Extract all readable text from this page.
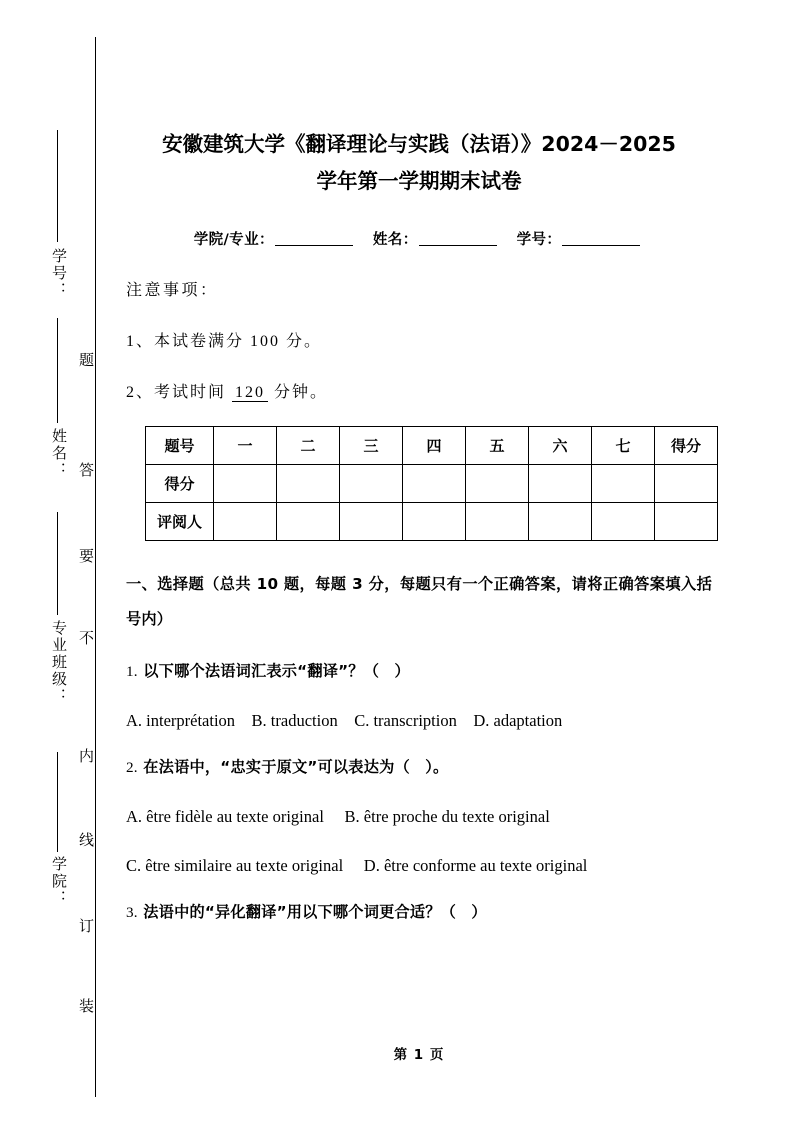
学号：
姓名：
专业班级：
学院：
题
答
要
不
内
线
订
装
安徽建筑大学《翻译理论与实践（法语）》2024－2025
学年第一学期期末试卷
学院/专业：	姓名：	学号：

注意事项：

1、本试卷满分 100 分。

2、考试时间 120 分钟。

题号	一	二	三	四	五	六	七	得分
得分								
评阅人								

一、选择题（总共 10 题，每题 3 分，每题只有一个正确答案，请将正确答案填入括号内）

1. 以下哪个法语词汇表示“翻译”？（　）

A. interprétation　B. traduction　C. transcription　D. adaptation

2. 在法语中，“忠实于原文”可以表达为（　）。

A. être fidèle au texte original　 B. être proche du texte original

C. être similaire au texte original　 D. être conforme au texte original

3. 法语中的“异化翻译”用以下哪个词更合适？（　）

第 1 页
